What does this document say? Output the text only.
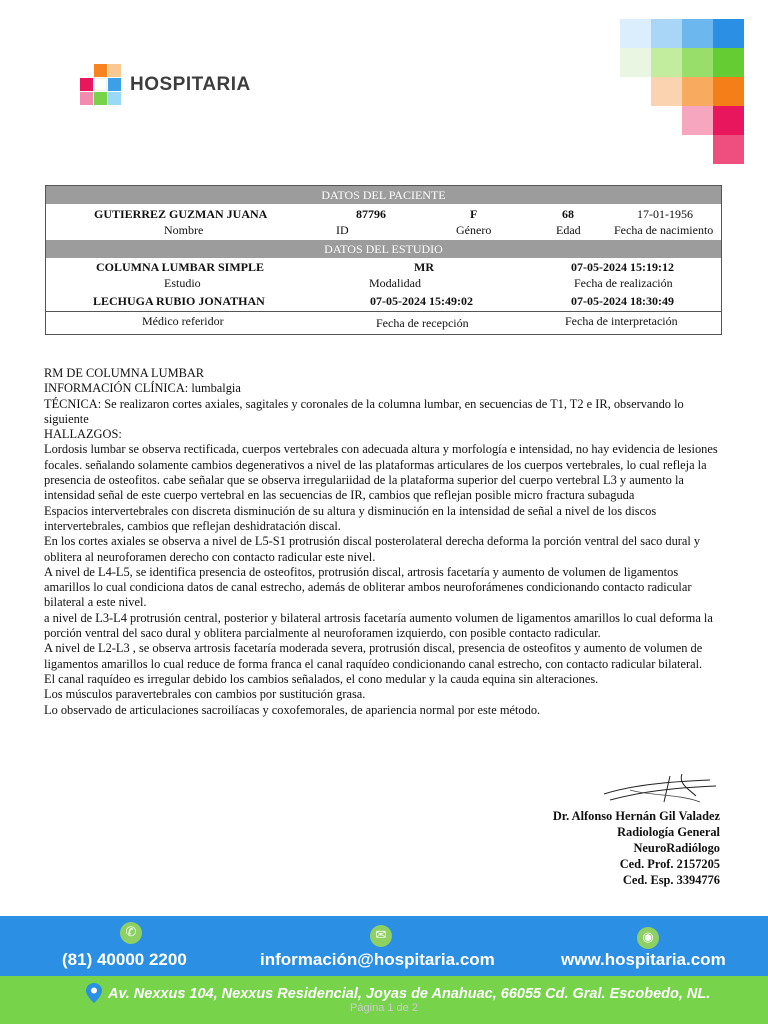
HOSPITARIA
DATOS DEL PACIENTE
GUTIERREZ GUZMAN JUANA	87796	F	68	17-01-1956
Nombre	ID	Género	Edad	Fecha de nacimiento
DATOS DEL ESTUDIO
COLUMNA LUMBAR SIMPLE	MR	07-05-2024 15:19:12
Estudio	Modalidad	Fecha de realización
LECHUGA RUBIO JONATHAN	07-05-2024 15:49:02	07-05-2024 18:30:49
Médico referidor	Fecha de recepción	Fecha de interpretación

RM DE COLUMNA LUMBAR

INFORMACIÓN CLÍNICA: lumbalgia

TÉCNICA: Se realizaron cortes axiales, sagitales y coronales de la columna lumbar, en secuencias de T1, T2 e IR, observando lo siguiente

HALLAZGOS:

Lordosis lumbar se observa rectificada, cuerpos vertebrales con adecuada altura y morfología e intensidad, no hay evidencia de lesiones focales. señalando solamente cambios degenerativos a nivel de las plataformas articulares de los cuerpos vertebrales, lo cual refleja la presencia de osteofitos. cabe señalar que se observa irregulariidad de la plataforma superior del cuerpo vertebral L3 y aumento la intensidad señal de este cuerpo vertebral en las secuencias de IR, cambios que reflejan posible micro fractura subaguda

Espacios intervertebrales con discreta disminución de su altura y disminución en la intensidad de señal a nivel de los discos intervertebrales, cambios que reflejan deshidratación discal.

En los cortes axiales se observa a nivel de L5-S1 protrusión discal posterolateral derecha deforma la porción ventral del saco dural y oblitera al neuroforamen derecho con contacto radicular este nivel.

A nivel de L4-L5, se identifica presencia de osteofitos, protrusión discal, artrosis facetaría y aumento de volumen de ligamentos amarillos lo cual condiciona datos de canal estrecho, además de obliterar ambos neuroforámenes condicionando contacto radicular bilateral a este nivel.

a nivel de L3-L4 protrusión central, posterior y bilateral artrosis facetaría aumento volumen de ligamentos amarillos lo cual deforma la porción ventral del saco dural y oblitera parcialmente al neuroforamen izquierdo, con posible contacto radicular.

A nivel de L2-L3 , se observa artrosis facetaría moderada severa, protrusión discal, presencia de osteofitos y aumento de volumen de ligamentos amarillos lo cual reduce de forma franca el canal raquídeo condicionando canal estrecho, con contacto radicular bilateral.

El canal raquídeo es irregular debido los cambios señalados, el cono medular y la cauda equina sin alteraciones.

Los músculos paravertebrales con cambios por sustitución grasa.

Lo observado de articulaciones sacroilíacas y coxofemorales, de apariencia normal por este método.

Dr. Alfonso Hernán Gil Valadez
Radiología General
NeuroRadiólogo
Ced. Prof. 2157205
Ced. Esp. 3394776
✆
(81) 40000 2200
✉
información@hospitaria.com
◉
www.hospitaria.com
Av. Nexxus 104, Nexxus Residencial, Joyas de Anahuac, 66055 Cd. Gral. Escobedo, NL.
Página 1 de 2
